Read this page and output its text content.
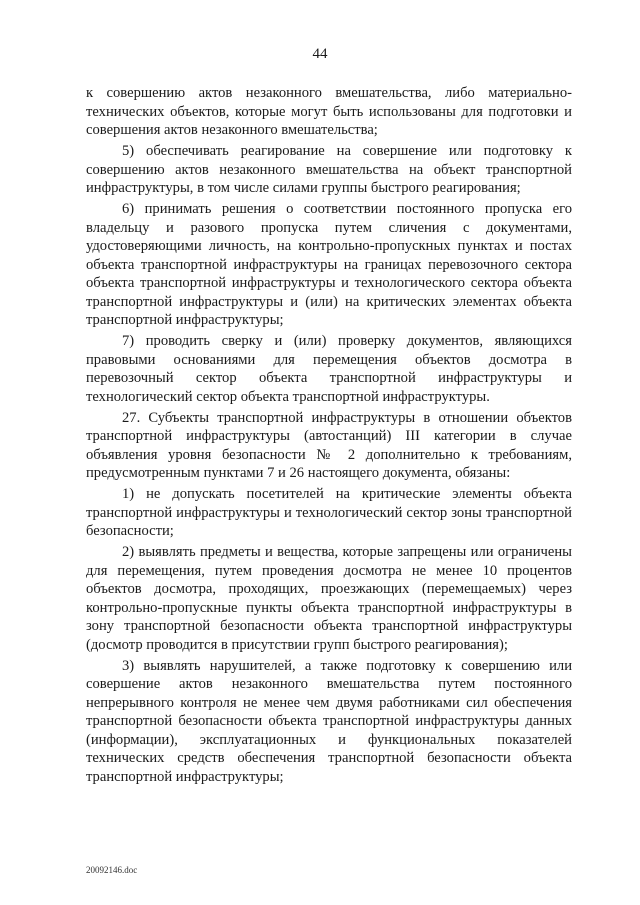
44

к совершению актов незаконного вмешательства, либо материально-технических объектов, которые могут быть использованы для подготовки и совершения актов незаконного вмешательства;

5) обеспечивать реагирование на совершение или подготовку к совершению актов незаконного вмешательства на объект транспортной инфраструктуры, в том числе силами группы быстрого реагирования;

6) принимать решения о соответствии постоянного пропуска его владельцу и разового пропуска путем сличения с документами, удостоверяющими личность, на контрольно-пропускных пунктах и постах объекта транспортной инфраструктуры на границах перевозочного сектора объекта транспортной инфраструктуры и технологического сектора объекта транспортной инфраструктуры и (или) на критических элементах объекта транспортной инфраструктуры;

7) проводить сверку и (или) проверку документов, являющихся правовыми основаниями для перемещения объектов досмотра в перевозочный сектор объекта транспортной инфраструктуры и технологический сектор объекта транспортной инфраструктуры.

27. Субъекты транспортной инфраструктуры в отношении объектов транспортной инфраструктуры (автостанций) III категории в случае объявления уровня безопасности № 2 дополнительно к требованиям, предусмотренным пунктами 7 и 26 настоящего документа, обязаны:

1) не допускать посетителей на критические элементы объекта транспортной инфраструктуры и технологический сектор зоны транспортной безопасности;

2) выявлять предметы и вещества, которые запрещены или ограничены для перемещения, путем проведения досмотра не менее 10 процентов объектов досмотра, проходящих, проезжающих (перемещаемых) через контрольно-пропускные пункты объекта транспортной инфраструктуры в зону транспортной безопасности объекта транспортной инфраструктуры (досмотр проводится в присутствии групп быстрого реагирования);

3) выявлять нарушителей, а также подготовку к совершению или совершение актов незаконного вмешательства путем постоянного непрерывного контроля не менее чем двумя работниками сил обеспечения транспортной безопасности объекта транспортной инфраструктуры данных (информации), эксплуатационных и функциональных показателей технических средств обеспечения транспортной безопасности объекта транспортной инфраструктуры;

20092146.doc
